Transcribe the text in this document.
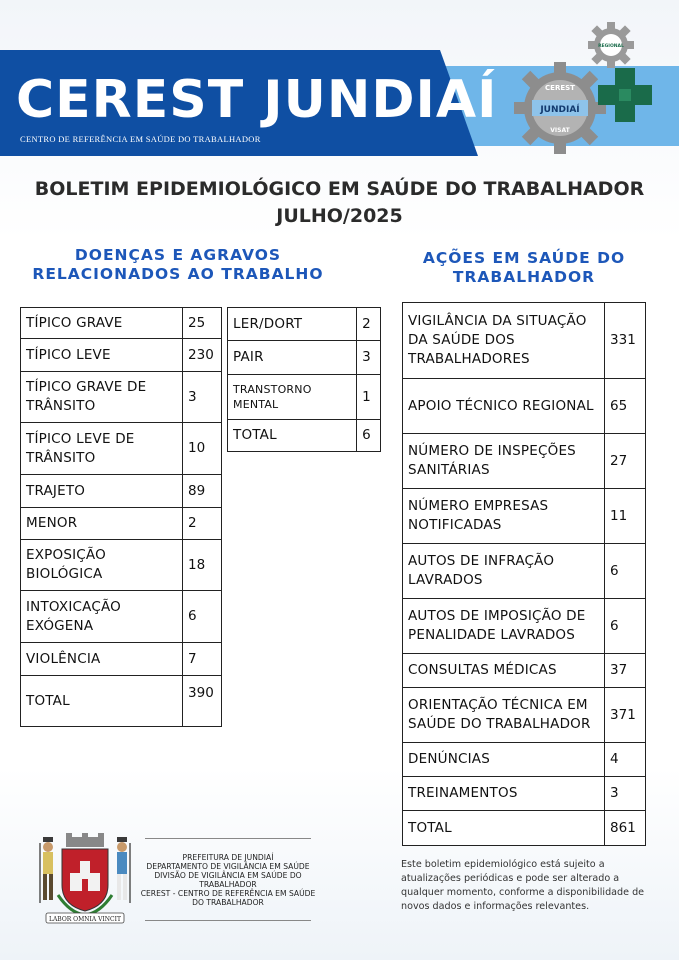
CEREST JUNDIAÍ
CENTRO DE REFERÊNCIA EM SAÚDE DO TRABALHADOR
REGIONAL
CEREST
JUNDIAÍ
VISAT
BOLETIM EPIDEMIOLÓGICO EM SAÚDE DO TRABALHADOR
JULHO/2025
DOENÇAS E AGRAVOS
RELACIONADOS AO TRABALHO
AÇÕES EM SAÚDE DO
TRABALHADOR
TÍPICO GRAVE	25
TÍPICO LEVE	230
TÍPICO GRAVE DE TRÂNSITO	3
TÍPICO LEVE DE TRÂNSITO	10
TRAJETO	89
MENOR	2
EXPOSIÇÃO BIOLÓGICA	18
INTOXICAÇÃO EXÓGENA	6
VIOLÊNCIA	7
TOTAL	390
LER/DORT	2
PAIR	3
TRANSTORNO MENTAL	1
TOTAL	6
VIGILÂNCIA DA SITUAÇÃO DA SAÚDE DOS TRABALHADORES	331
APOIO TÉCNICO REGIONAL	65
NÚMERO DE INSPEÇÕES SANITÁRIAS	27
NÚMERO EMPRESAS NOTIFICADAS	11
AUTOS DE INFRAÇÃO LAVRADOS	6
AUTOS DE IMPOSIÇÃO DE PENALIDADE LAVRADOS	6
CONSULTAS MÉDICAS	37
ORIENTAÇÃO TÉCNICA EM SAÚDE DO TRABALHADOR	371
DENÚNCIAS	4
TREINAMENTOS	3
TOTAL	861
LABOR OMNIA VINCIT
PREFEITURA DE JUNDIAÍ
DEPARTAMENTO DE VIGILÂNCIA EM SAÚDE
DIVISÃO DE VIGILÂNCIA EM SAÚDE DO TRABALHADOR
CEREST - CENTRO DE REFERÊNCIA EM SAÚDE DO TRABALHADOR
Este boletim epidemiológico está sujeito a atualizações periódicas e pode ser alterado a qualquer momento, conforme a disponibilidade de novos dados e informações relevantes.
